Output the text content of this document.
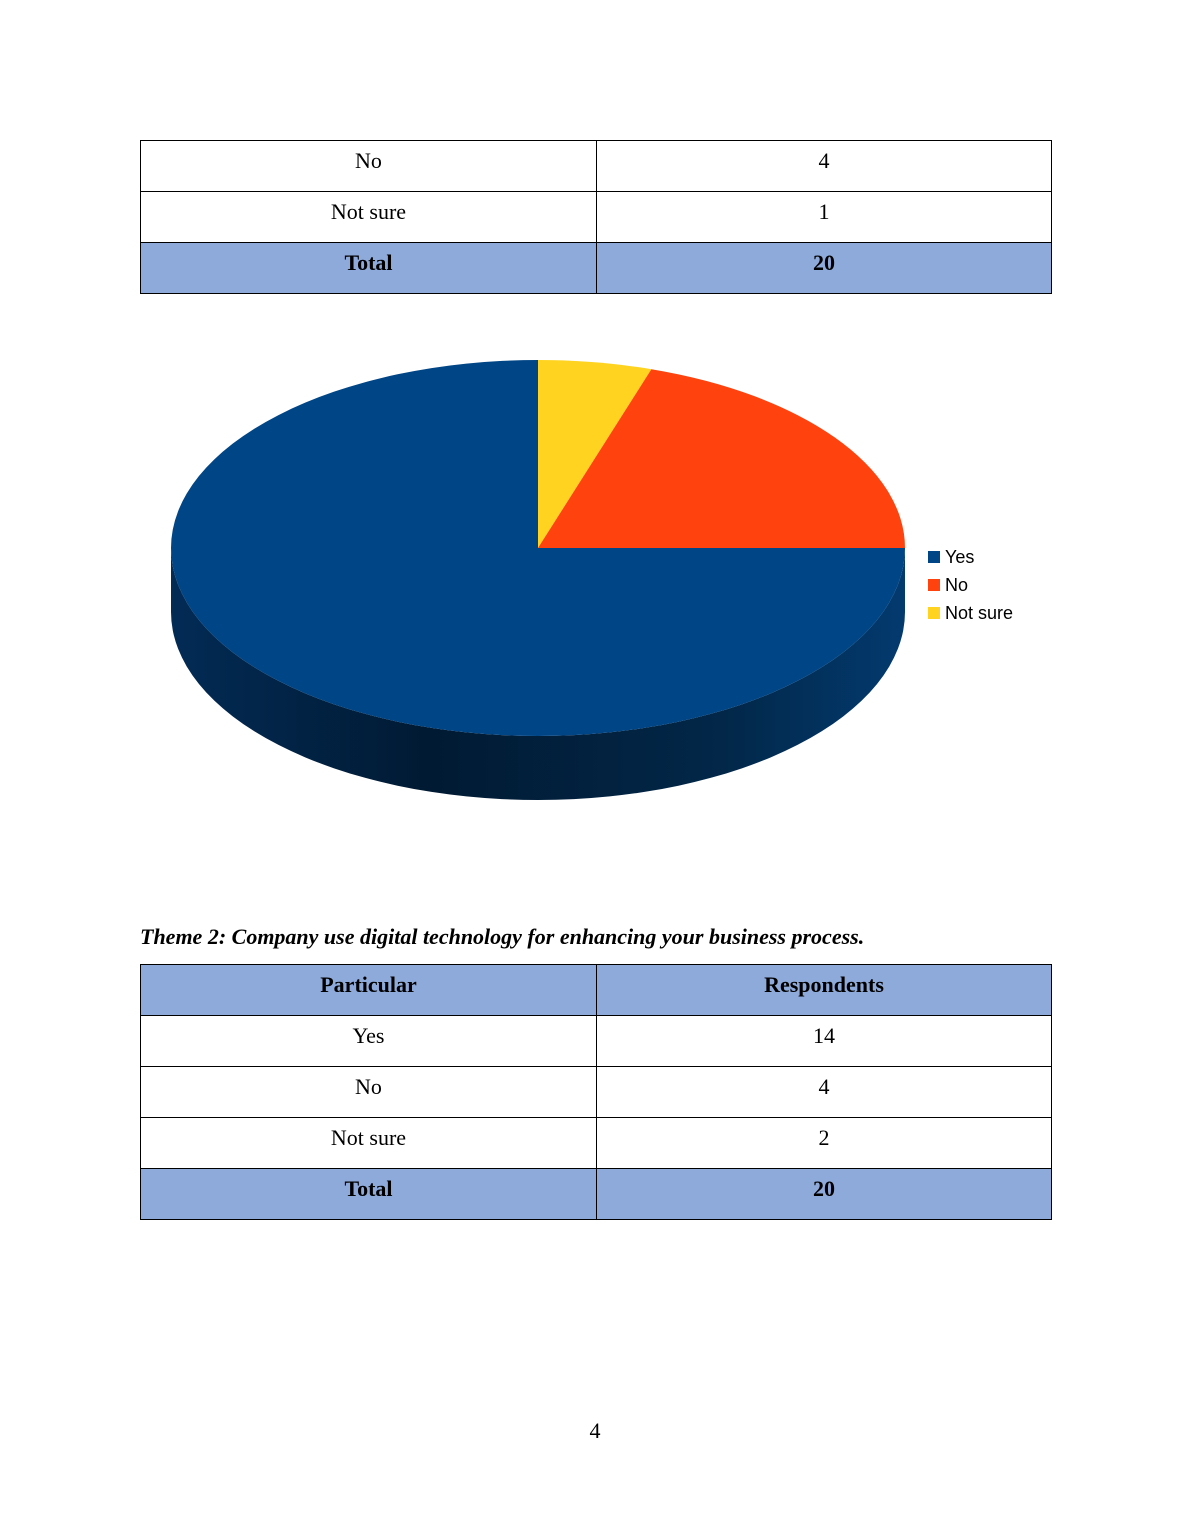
No	4
Not sure	1
Total	20
Yes
No
Not sure
Theme 2: Company use digital technology for enhancing your business process.
Particular	Respondents
Yes	14
No	4
Not sure	2
Total	20
4
